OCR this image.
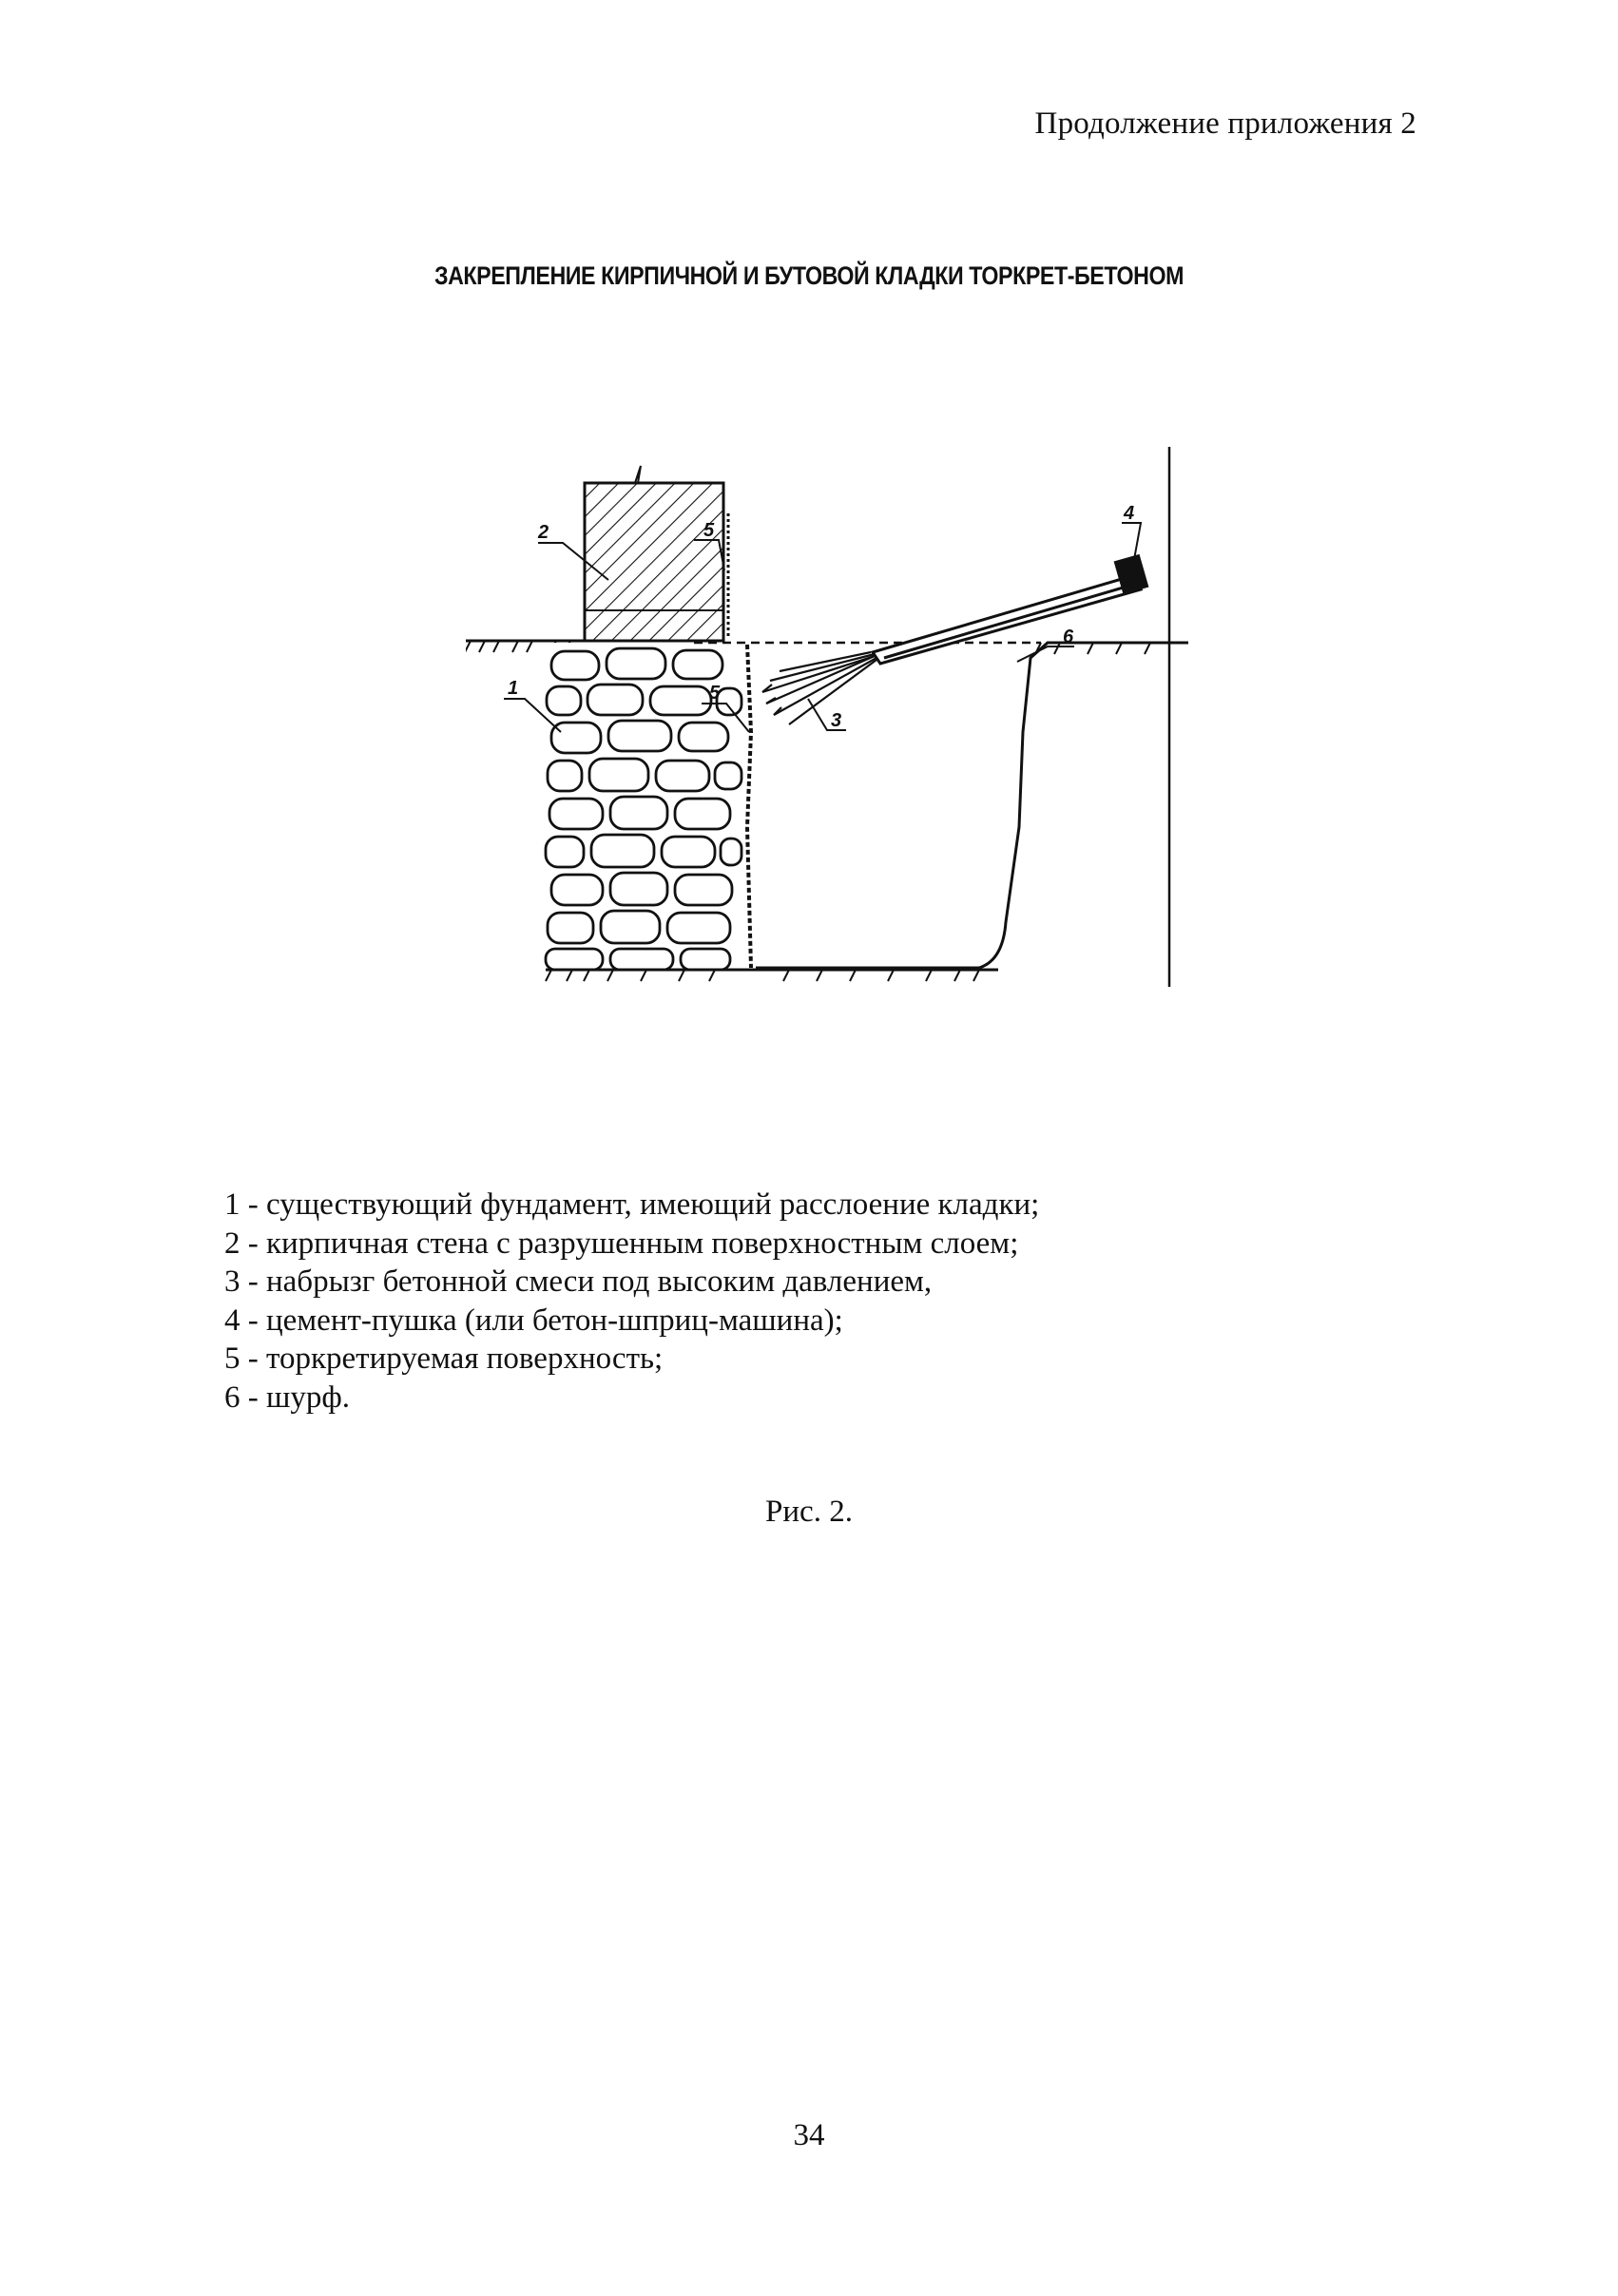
Продолжение приложения 2
ЗАКРЕПЛЕНИЕ КИРПИЧНОЙ И БУТОВОЙ КЛАДКИ ТОРКРЕТ-БЕТОНОМ
2	5
4
1	5
3
6
1 - существующий фундамент, имеющий расслоение кладки;
2 - кирпичная стена с разрушенным поверхностным слоем;
3 - набрызг бетонной смеси под высоким давлением,
4 - цемент-пушка (или бетон-шприц-машина);
5 - торкретируемая поверхность;
6 - шурф.
Рис. 2.
34
